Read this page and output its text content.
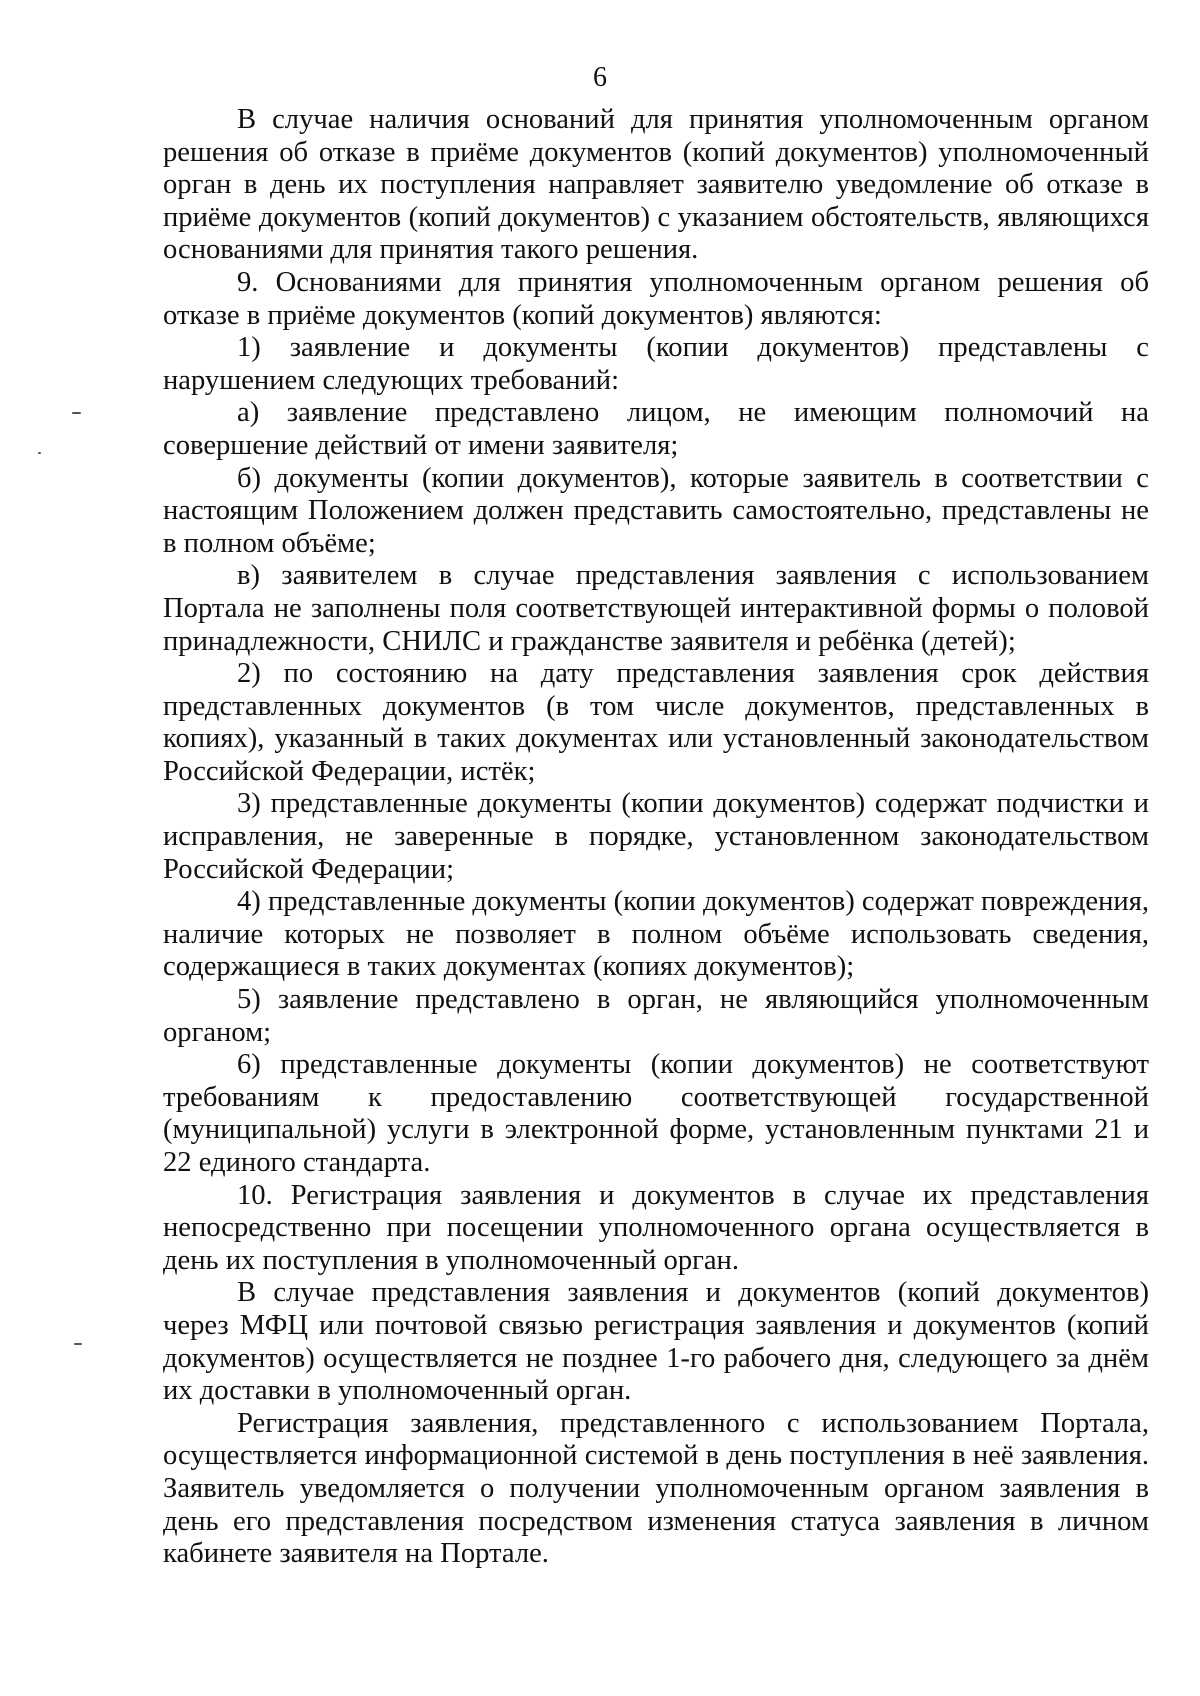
6

В случае наличия оснований для принятия уполномоченным органом решения об отказе в приёме документов (копий документов) уполномоченный орган в день их поступления направляет заявителю уведомление об отказе в приёме документов (копий документов) с указанием обстоятельств, являющихся основаниями для принятия такого решения.

9. Основаниями для принятия уполномоченным органом решения об отказе в приёме документов (копий документов) являются:

1) заявление и документы (копии документов) представлены с нарушением следующих требований:

а) заявление представлено лицом, не имеющим полномочий на совершение действий от имени заявителя;

б) документы (копии документов), которые заявитель в соответствии с настоящим Положением должен представить самостоятельно, представлены не в полном объёме;

в) заявителем в случае представления заявления с использованием Портала не заполнены поля соответствующей интерактивной формы о половой принадлежности, СНИЛС и гражданстве заявителя и ребёнка (детей);

2) по состоянию на дату представления заявления срок действия представленных документов (в том числе документов, представленных в копиях), указанный в таких документах или установленный законодательством Российской Федерации, истёк;

3) представленные документы (копии документов) содержат подчистки и исправления, не заверенные в порядке, установленном законодательством Российской Федерации;

4) представленные документы (копии документов) содержат повреждения, наличие которых не позволяет в полном объёме использовать сведения, содержащиеся в таких документах (копиях документов);

5) заявление представлено в орган, не являющийся уполномоченным органом;

6) представленные документы (копии документов) не соответствуют требованиям к предоставлению соответствующей государственной (муниципальной) услуги в электронной форме, установленным пунктами 21 и 22 единого стандарта.

10. Регистрация заявления и документов в случае их представления непосредственно при посещении уполномоченного органа осуществляется в день их поступления в уполномоченный орган.

В случае представления заявления и документов (копий документов) через МФЦ или почтовой связью регистрация заявления и документов (копий документов) осуществляется не позднее 1-го рабочего дня, следующего за днём их доставки в уполномоченный орган.

Регистрация заявления, представленного с использованием Портала, осуществляется информационной системой в день поступления в неё заявления. Заявитель уведомляется о получении уполномоченным органом заявления в день его представления посредством изменения статуса заявления в личном кабинете заявителя на Портале.
